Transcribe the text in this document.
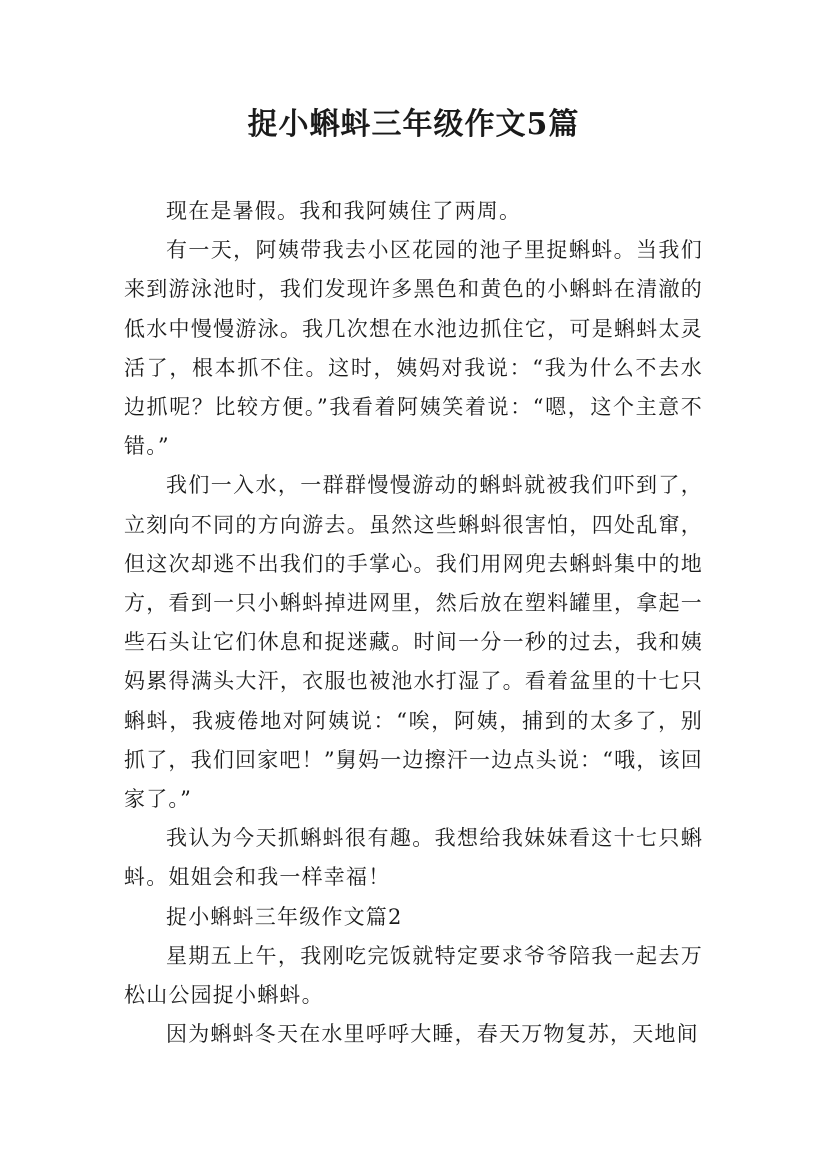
捉小蝌蚪三年级作文5篇

现在是暑假。我和我阿姨住了两周。

有一天，阿姨带我去小区花园的池子里捉蝌蚪。当我们来到游泳池时，我们发现许多黑色和黄色的小蝌蚪在清澈的低水中慢慢游泳。我几次想在水池边抓住它，可是蝌蚪太灵活了，根本抓不住。这时，姨妈对我说：“我为什么不去水边抓呢？比较方便。”我看着阿姨笑着说：“嗯，这个主意不错。”

我们一入水，一群群慢慢游动的蝌蚪就被我们吓到了，立刻向不同的方向游去。虽然这些蝌蚪很害怕，四处乱窜，但这次却逃不出我们的手掌心。我们用网兜去蝌蚪集中的地方，看到一只小蝌蚪掉进网里，然后放在塑料罐里，拿起一些石头让它们休息和捉迷藏。时间一分一秒的过去，我和姨妈累得满头大汗，衣服也被池水打湿了。看着盆里的十七只蝌蚪，我疲倦地对阿姨说：“唉，阿姨，捕到的太多了，别抓了，我们回家吧！”舅妈一边擦汗一边点头说：“哦，该回家了。”

我认为今天抓蝌蚪很有趣。我想给我妹妹看这十七只蝌蚪。姐姐会和我一样幸福！

捉小蝌蚪三年级作文篇2

星期五上午，我刚吃完饭就特定要求爷爷陪我一起去万松山公园捉小蝌蚪。

因为蝌蚪冬天在水里呼呼大睡，春天万物复苏，天地间
